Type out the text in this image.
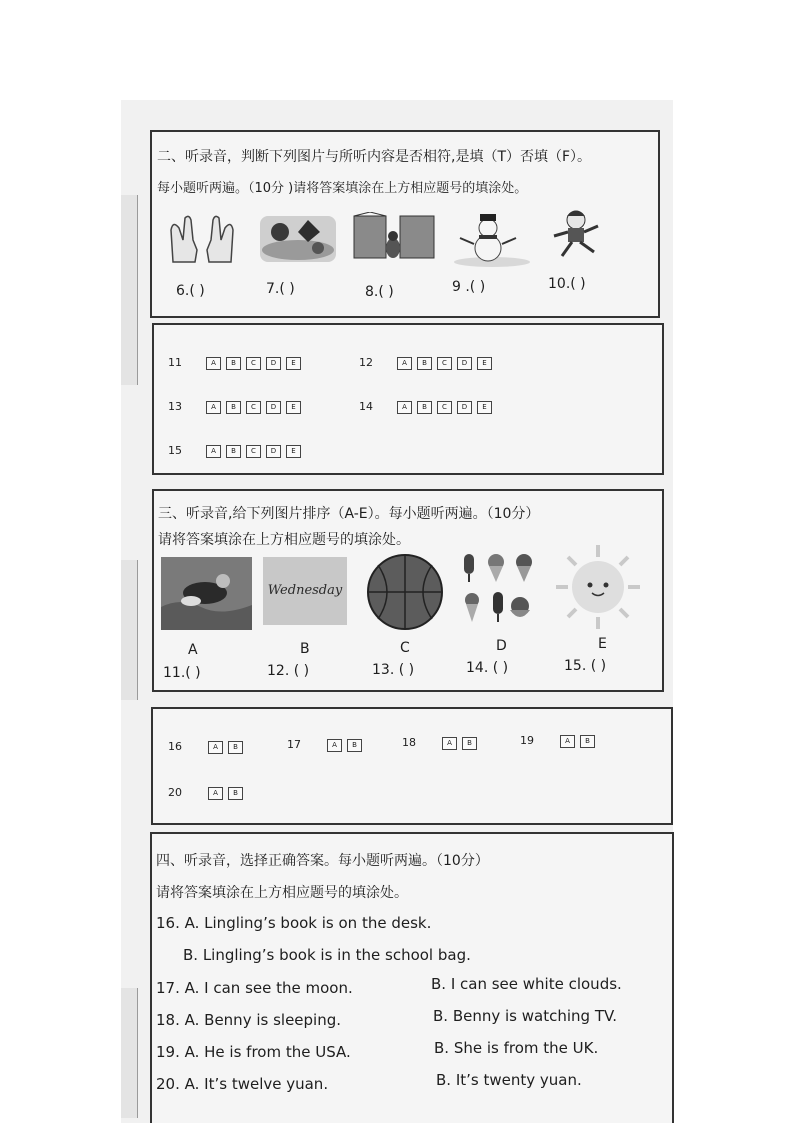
二、听录音，判断下列图片与所听内容是否相符,是填（T）否填（F）。
每小题听两遍。（10分 )请将答案填涂在上方相应题号的填涂处。
6.( )	7.( )	8.( )	9 .( )	10.( )
11	A B C D E	12	A B C D E
13	A B C D E	14	A B C D E
15	A B C D E
三、听录音,给下列图片排序（A-E）。每小题听两遍。（10分）
请将答案填涂在上方相应题号的填涂处。
Wednesday
A	B	C	D	E
11.( )	12. ( )	13. ( )	14. ( )	15. ( )
16	A B	17	A B	18	A B	19	A B
20	A B
四、听录音，选择正确答案。每小题听两遍。（10分）
请将答案填涂在上方相应题号的填涂处。
16. A. Lingling’s book is on the desk.
B. Lingling’s book is in the school bag.
17. A. I can see the moon.	B. I can see white clouds.
18. A. Benny is sleeping.	B. Benny is watching TV.
19. A. He is from the USA.	B. She is from the UK.
20. A. It’s twelve yuan.	B. It’s twenty yuan.
